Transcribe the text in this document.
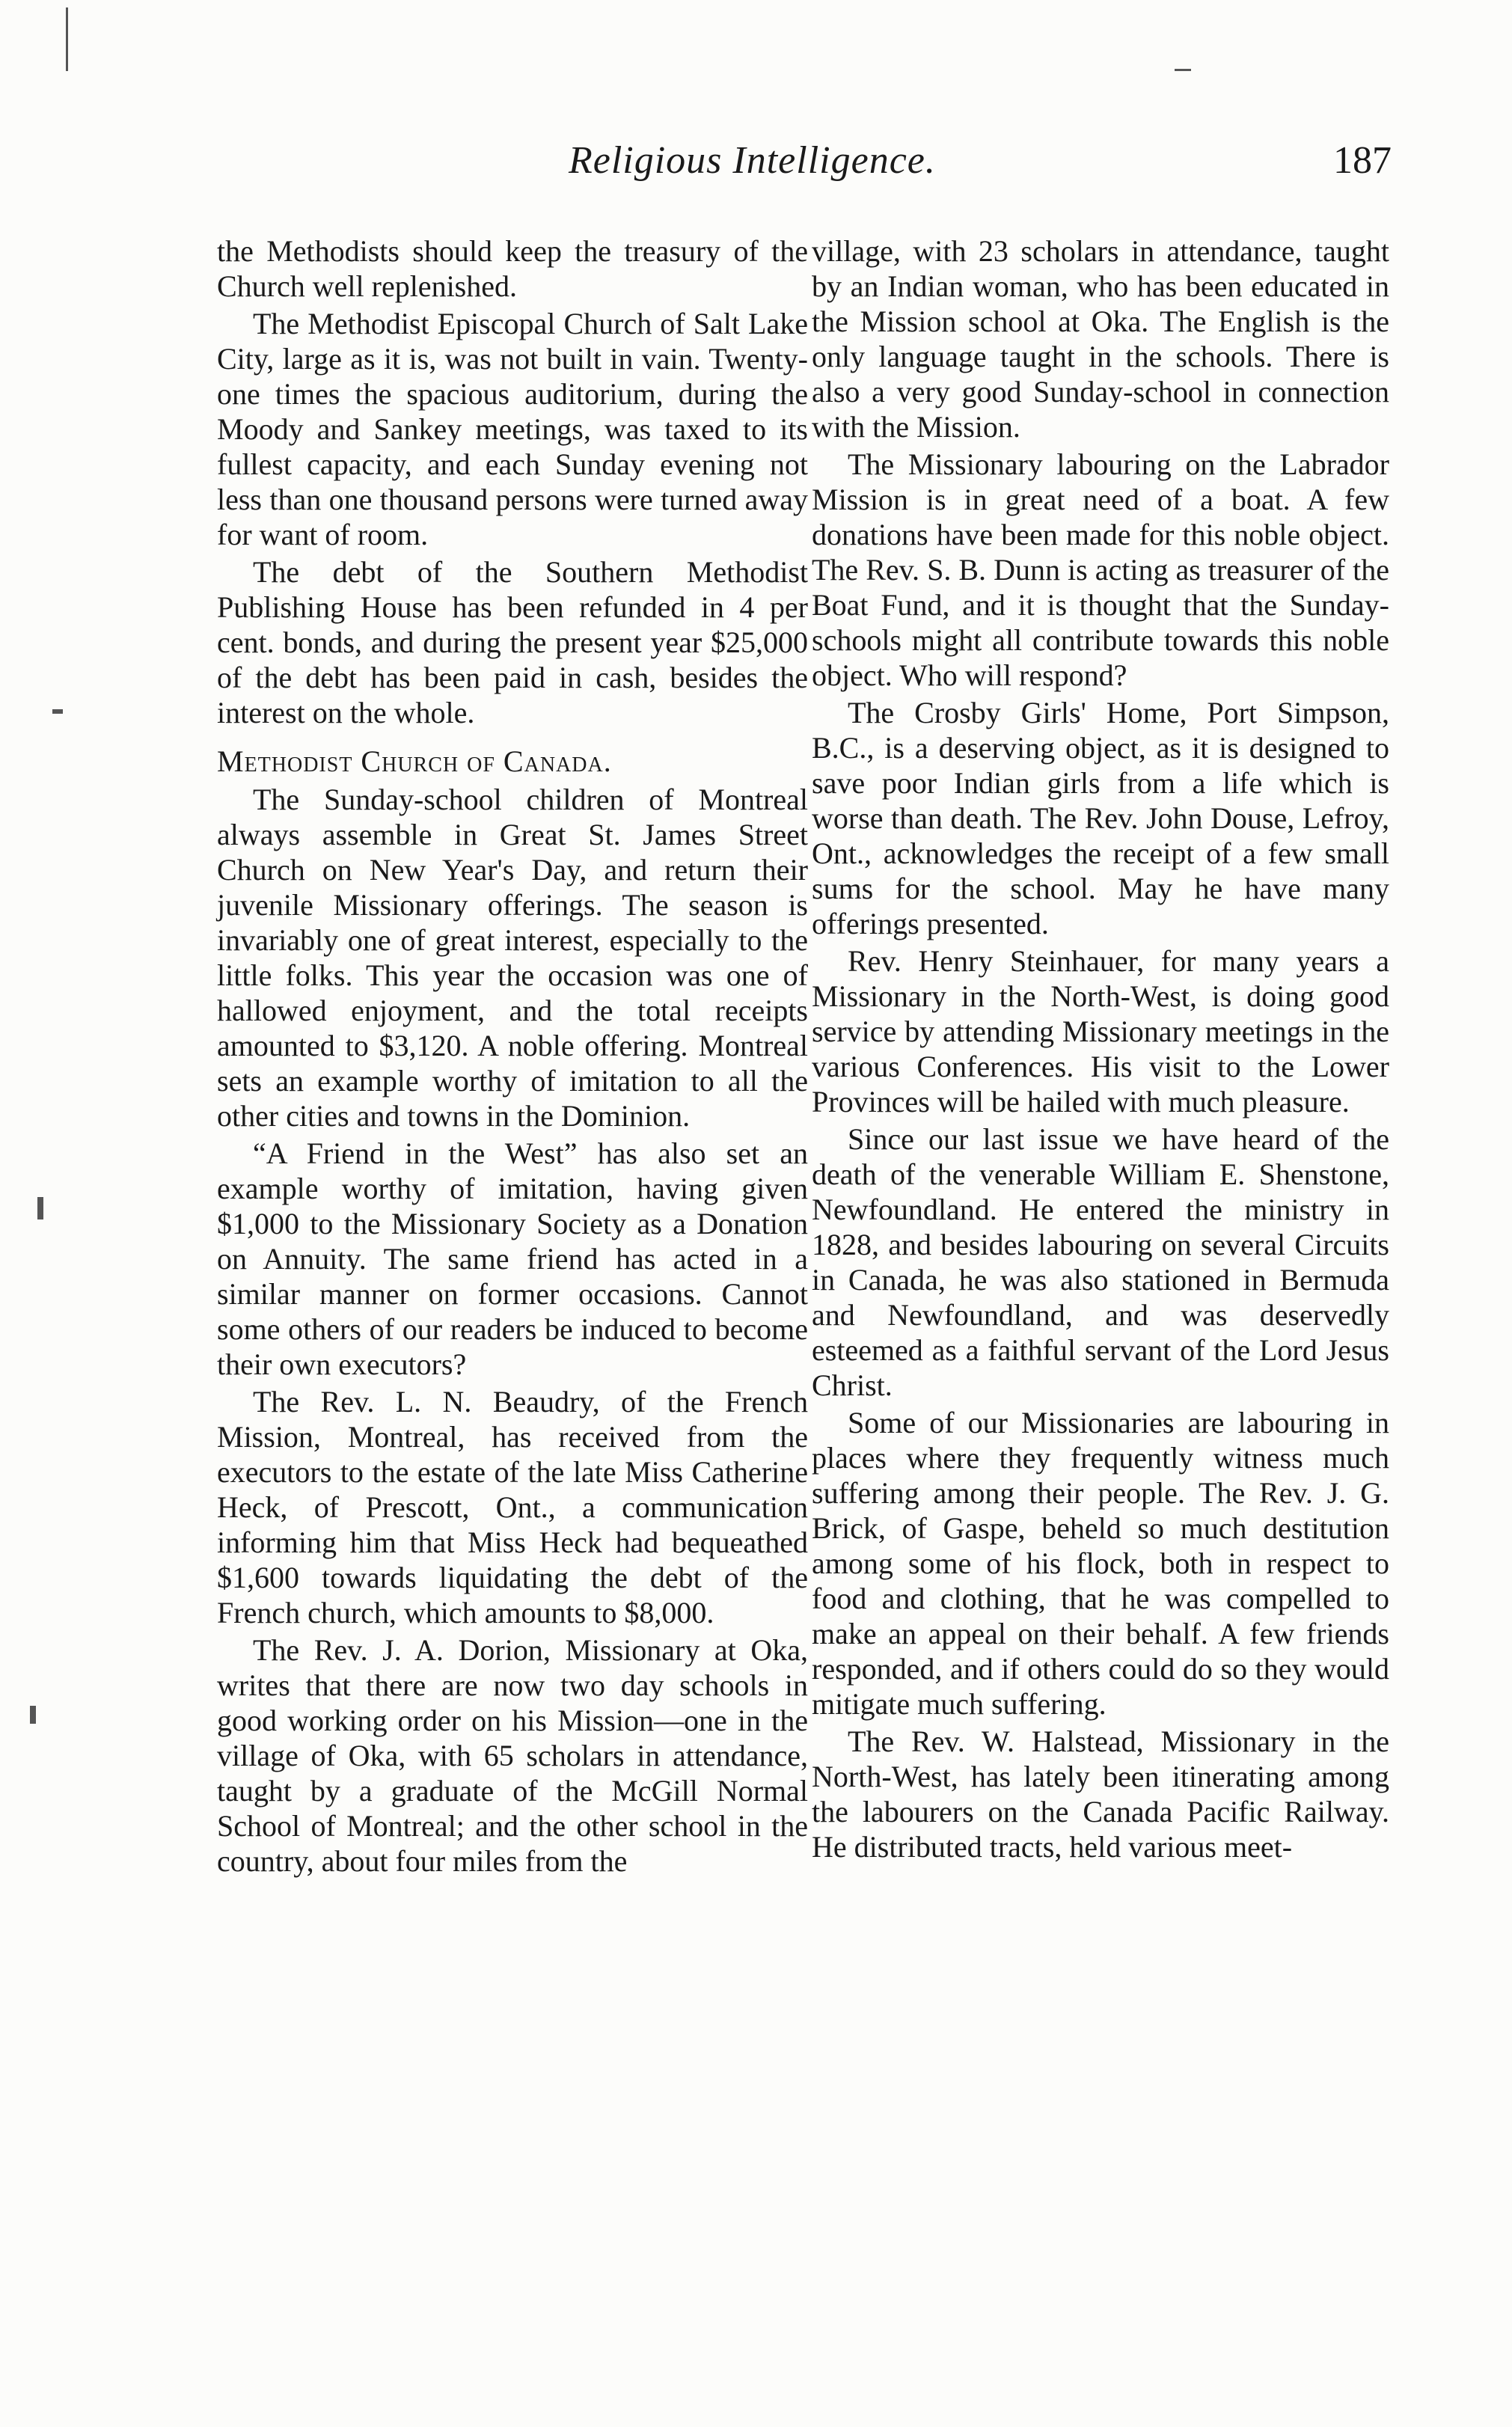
Religious Intelligence.	187

the Methodists should keep the treasury of the Church well replenished.

The Methodist Episcopal Church of Salt Lake City, large as it is, was not built in vain. Twenty-one times the spacious auditorium, during the Moody and Sankey meetings, was taxed to its fullest capacity, and each Sunday evening not less than one thousand persons were turned away for want of room.

The debt of the Southern Methodist Publishing House has been refunded in 4 per cent. bonds, and during the present year $25,000 of the debt has been paid in cash, besides the interest on the whole.

Methodist Church of Canada.

The Sunday-school children of Montreal always assemble in Great St. James Street Church on New Year's Day, and return their juvenile Missionary offerings. The season is invariably one of great interest, especially to the little folks. This year the occasion was one of hallowed enjoyment, and the total receipts amounted to $3,120. A noble offering. Montreal sets an example worthy of imitation to all the other cities and towns in the Dominion.

“A Friend in the West” has also set an example worthy of imitation, having given $1,000 to the Missionary Society as a Donation on Annuity. The same friend has acted in a similar manner on former occasions. Cannot some others of our readers be induced to become their own executors?

The Rev. L. N. Beaudry, of the French Mission, Montreal, has received from the executors to the estate of the late Miss Catherine Heck, of Prescott, Ont., a communication informing him that Miss Heck had bequeathed $1,600 towards liquidating the debt of the French church, which amounts to $8,000.

The Rev. J. A. Dorion, Missionary at Oka, writes that there are now two day schools in good working order on his Mission—one in the village of Oka, with 65 scholars in attendance, taught by a graduate of the McGill Normal School of Montreal; and the other school in the country, about four miles from the

village, with 23 scholars in attendance, taught by an Indian woman, who has been educated in the Mission school at Oka. The English is the only language taught in the schools. There is also a very good Sunday-school in connection with the Mission.

The Missionary labouring on the Labrador Mission is in great need of a boat. A few donations have been made for this noble object. The Rev. S. B. Dunn is acting as treasurer of the Boat Fund, and it is thought that the Sunday-schools might all contribute towards this noble object. Who will respond?

The Crosby Girls' Home, Port Simpson, B.C., is a deserving object, as it is designed to save poor Indian girls from a life which is worse than death. The Rev. John Douse, Lefroy, Ont., acknowledges the receipt of a few small sums for the school. May he have many offerings presented.

Rev. Henry Steinhauer, for many years a Missionary in the North-West, is doing good service by attending Missionary meetings in the various Conferences. His visit to the Lower Provinces will be hailed with much pleasure.

Since our last issue we have heard of the death of the venerable William E. Shenstone, Newfoundland. He entered the ministry in 1828, and besides labouring on several Circuits in Canada, he was also stationed in Bermuda and Newfoundland, and was deservedly esteemed as a faithful servant of the Lord Jesus Christ.

Some of our Missionaries are labouring in places where they frequently witness much suffering among their people. The Rev. J. G. Brick, of Gaspe, beheld so much destitution among some of his flock, both in respect to food and clothing, that he was compelled to make an appeal on their behalf. A few friends responded, and if others could do so they would mitigate much suffering.

The Rev. W. Halstead, Missionary in the North-West, has lately been itinerating among the labourers on the Canada Pacific Railway. He distributed tracts, held various meet-
